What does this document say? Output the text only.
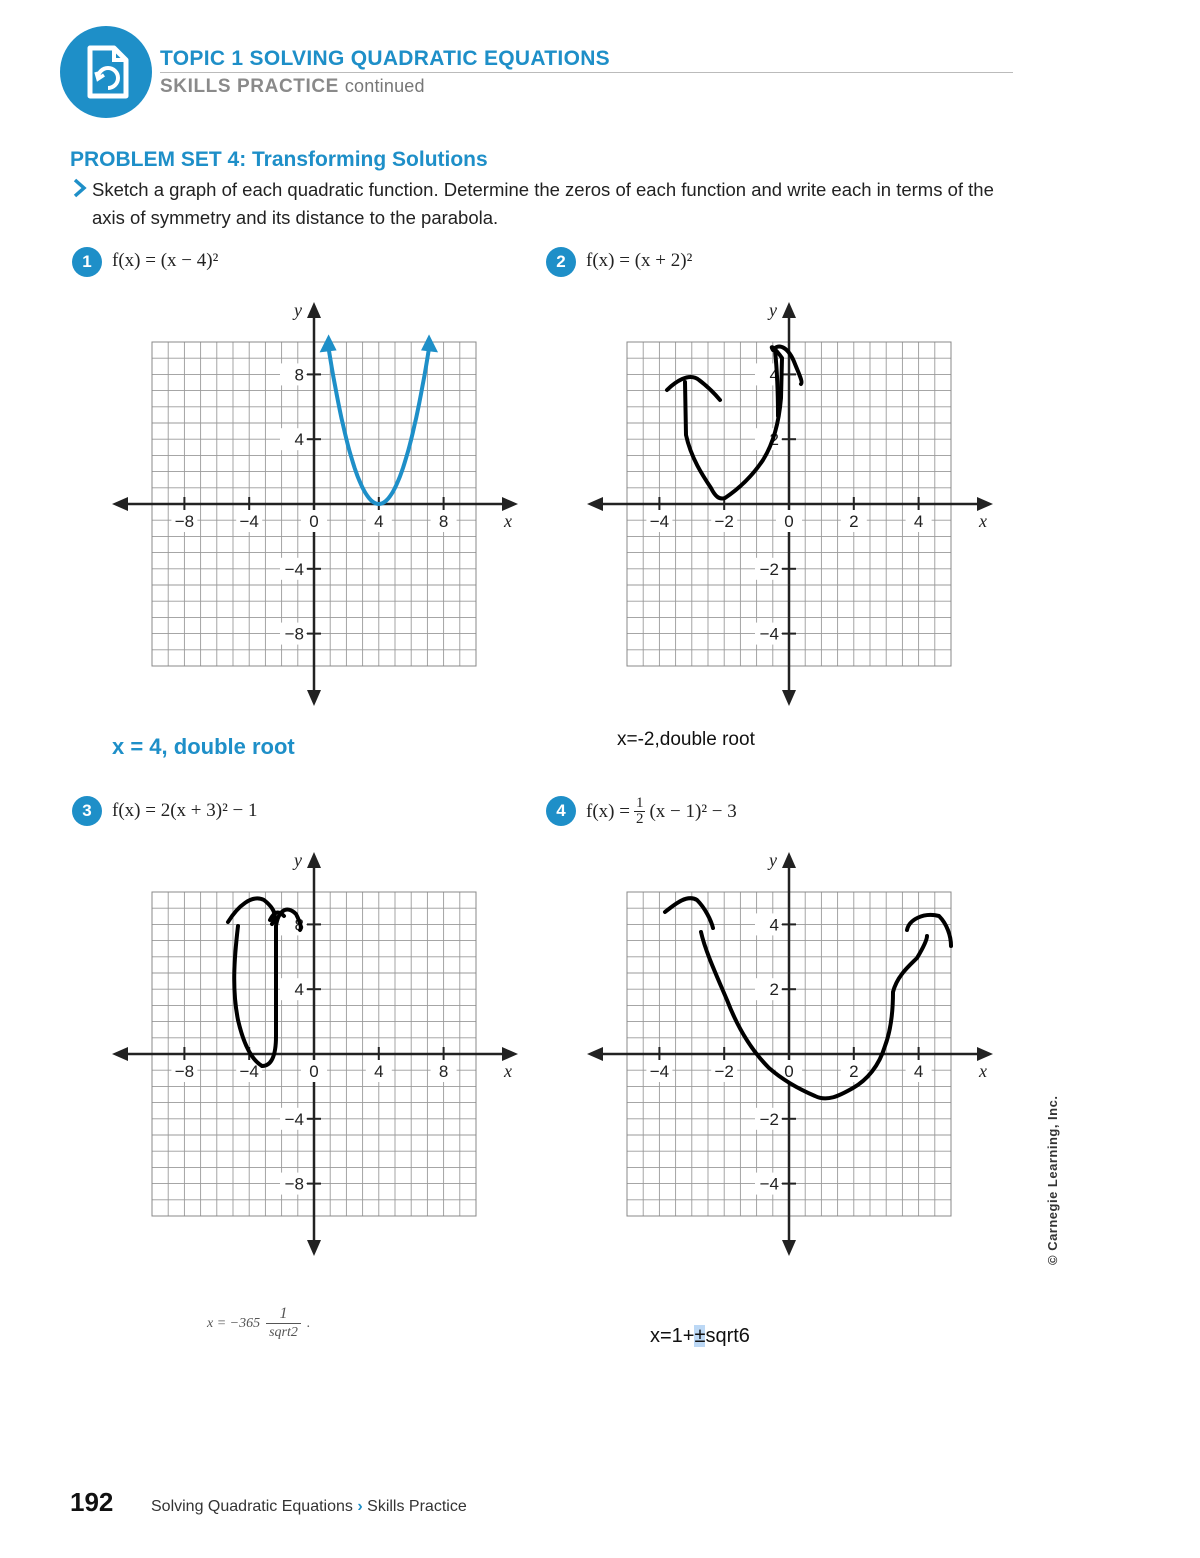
TOPIC 1 SOLVING QUADRATIC EQUATIONS
SKILLS PRACTICE continued
PROBLEM SET 4: Transforming Solutions
Sketch a graph of each quadratic function. Determine the zeros of each function and write each in terms of the axis of symmetry and its distance to the parabola.
1	f(x) = (x − 4)²	2	f(x) = (x + 2)²
3	f(x) = 2(x + 3)² − 1	4	$f(x) = \frac{1}{2} (x - 1)^2 - 3$
−8	−4	0	4	8
8
4
−4
−8
x
y
−4	−2	0	2	4
4
2
−2
−4
x
y
−8	−4	0	4	8
8
4
−4
−8
x
y
−4	−2	0	2	4
4
2
−2
−4
x
y
x = 4, double root	x=-2,double root
x = −365
1
sqrt2
.
x=1+±sqrt6
© Carnegie Learning, Inc.
192 Solving Quadratic Equations › Skills Practice
